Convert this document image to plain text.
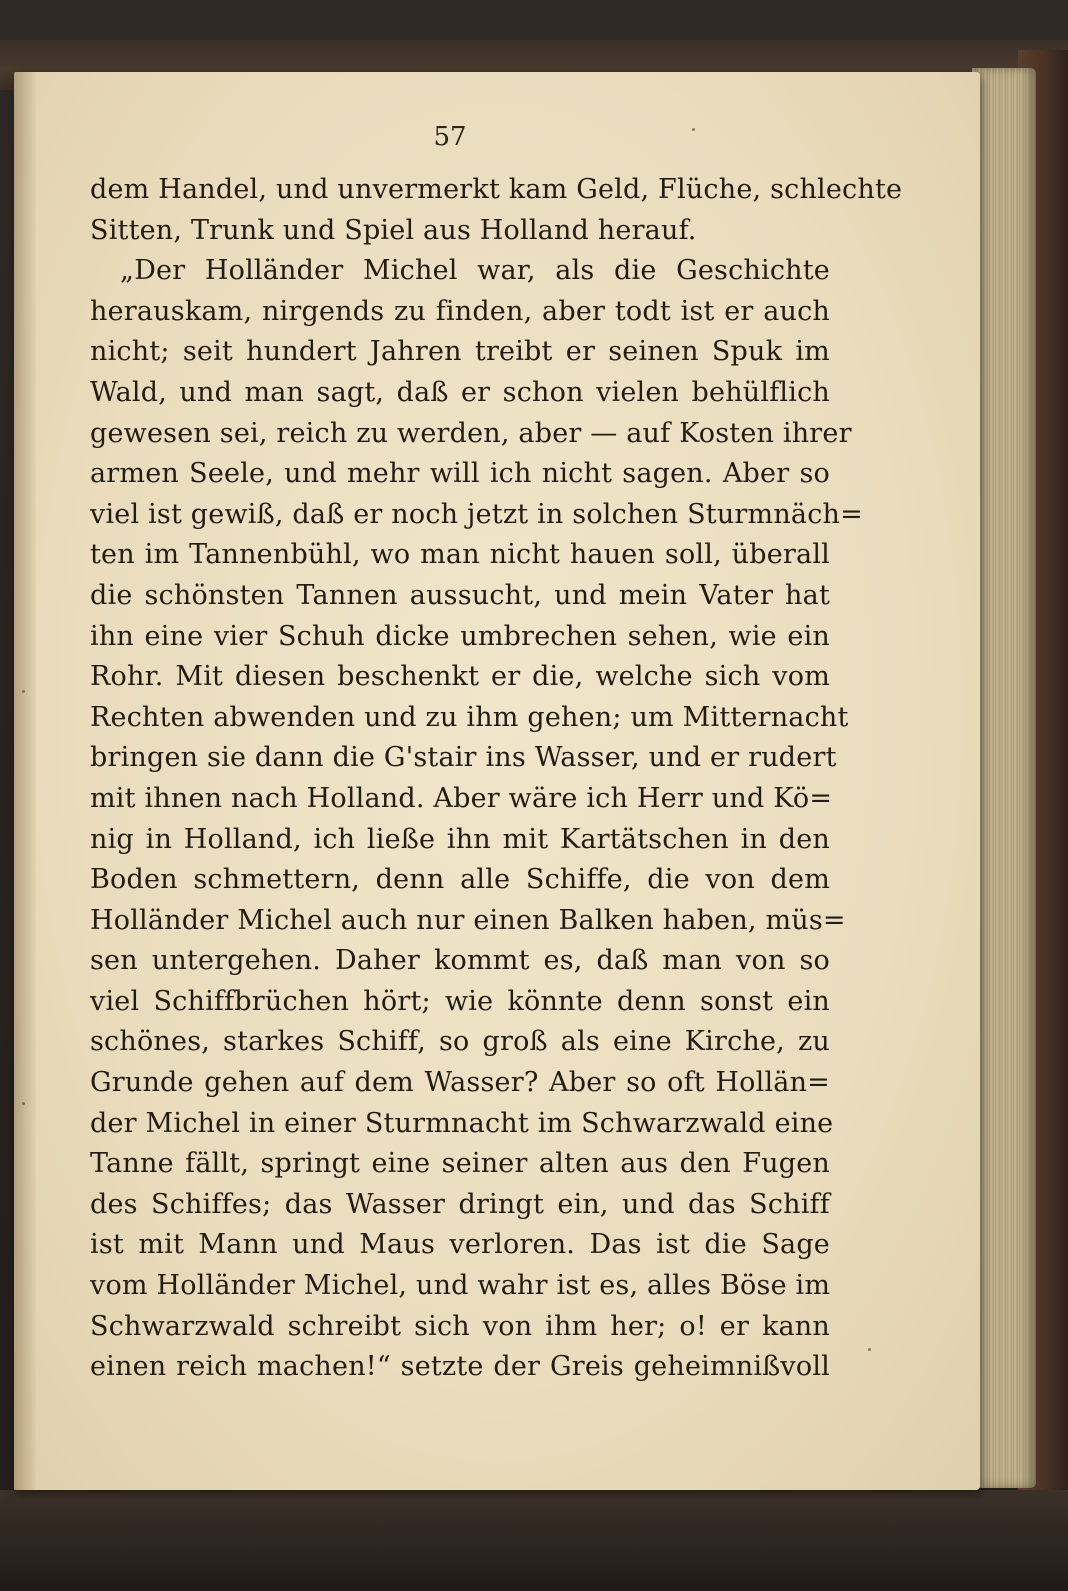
57
dem Handel, und unvermerkt kam Geld, Flüche, schlechte
Sitten, Trunk und Spiel aus Holland herauf.
„Der Holländer Michel war, als die Geschichte
herauskam, nirgends zu finden, aber todt ist er auch
nicht; seit hundert Jahren treibt er seinen Spuk im
Wald, und man sagt, daß er schon vielen behülflich
gewesen sei, reich zu werden, aber — auf Kosten ihrer
armen Seele, und mehr will ich nicht sagen. Aber so
viel ist gewiß, daß er noch jetzt in solchen Sturmnäch=
ten im Tannenbühl, wo man nicht hauen soll, überall
die schönsten Tannen aussucht, und mein Vater hat
ihn eine vier Schuh dicke umbrechen sehen, wie ein
Rohr. Mit diesen beschenkt er die, welche sich vom
Rechten abwenden und zu ihm gehen; um Mitternacht
bringen sie dann die G'stair ins Wasser, und er rudert
mit ihnen nach Holland. Aber wäre ich Herr und Kö=
nig in Holland, ich ließe ihn mit Kartätschen in den
Boden schmettern, denn alle Schiffe, die von dem
Holländer Michel auch nur einen Balken haben, müs=
sen untergehen. Daher kommt es, daß man von so
viel Schiffbrüchen hört; wie könnte denn sonst ein
schönes, starkes Schiff, so groß als eine Kirche, zu
Grunde gehen auf dem Wasser? Aber so oft Hollän=
der Michel in einer Sturmnacht im Schwarzwald eine
Tanne fällt, springt eine seiner alten aus den Fugen
des Schiffes; das Wasser dringt ein, und das Schiff
ist mit Mann und Maus verloren. Das ist die Sage
vom Holländer Michel, und wahr ist es, alles Böse im
Schwarzwald schreibt sich von ihm her; o! er kann
einen reich machen!“ setzte der Greis geheimnißvoll
